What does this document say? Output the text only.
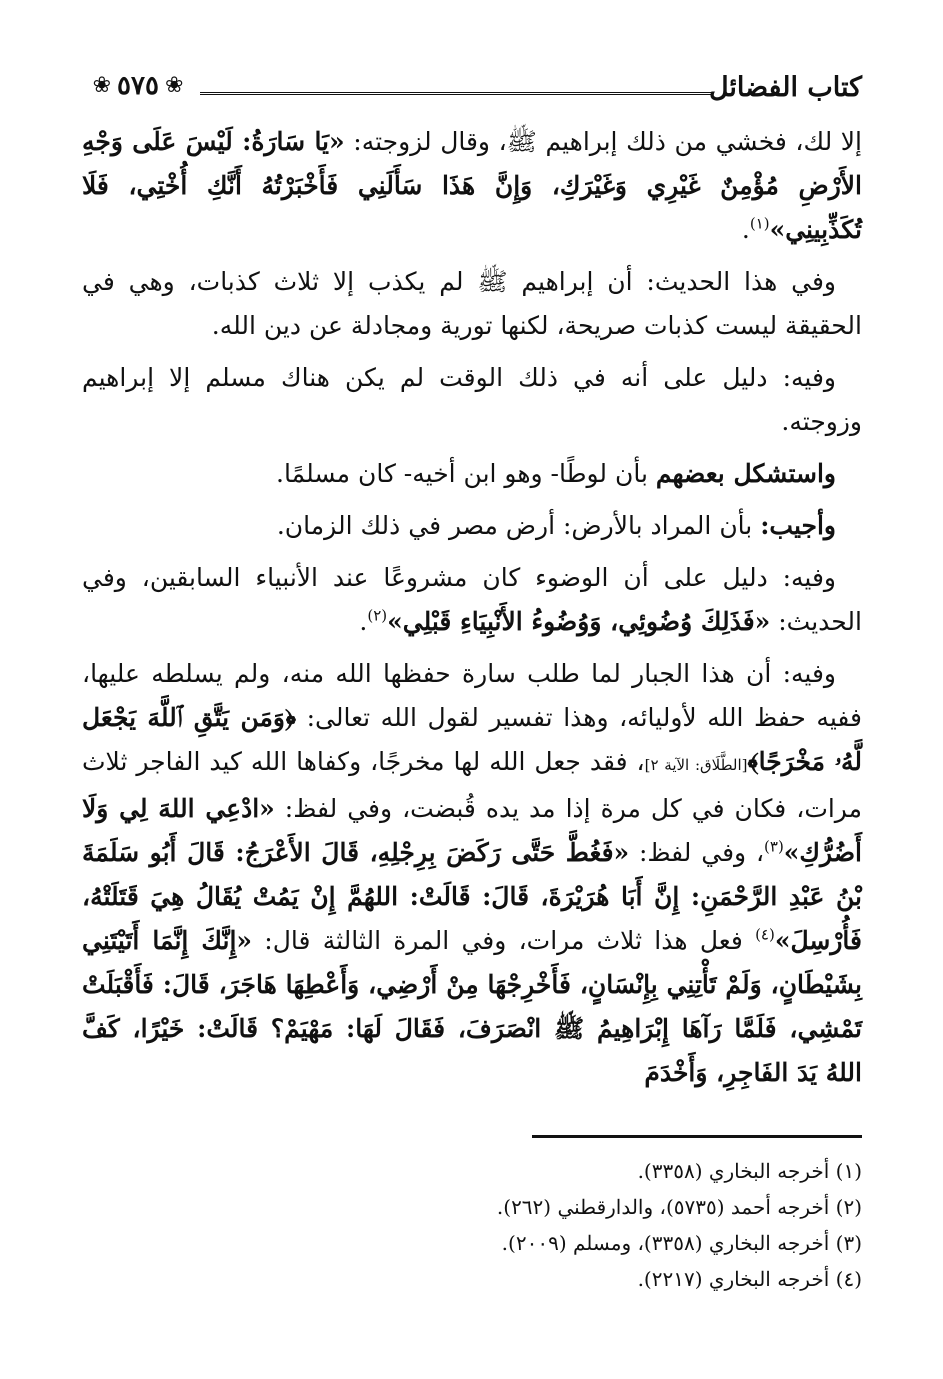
كتاب الفضائل
❀
٥٧٥
❀

إلا لك، فخشي من ذلك إبراهيم ﷺ، وقال لزوجته: «يَا سَارَةُ: لَيْسَ عَلَى وَجْهِ الأَرْضِ مُؤْمِنٌ غَيْرِي وَغَيْرَكِ، وَإِنَّ هَذَا سَأَلَنِي فَأَخْبَرْتُهُ أَنَّكِ أُخْتِي، فَلَا تُكَذِّبِينِي»$^{(١)}$.

وفي هذا الحديث: أن إبراهيم ﷺ لم يكذب إلا ثلاث كذبات، وهي في الحقيقة ليست كذبات صريحة، لكنها تورية ومجادلة عن دين الله.

وفيه: دليل على أنه في ذلك الوقت لم يكن هناك مسلم إلا إبراهيم وزوجته.

واستشكل بعضهم بأن لوطًا- وهو ابن أخيه- كان مسلمًا.

وأجيب: بأن المراد بالأرض: أرض مصر في ذلك الزمان.

وفيه: دليل على أن الوضوء كان مشروعًا عند الأنبياء السابقين، وفي الحديث: «فَذَلِكَ وُضُوئِي، وَوُضُوءُ الأَنْبِيَاءِ قَبْلِي»$^{(٢)}$.

وفيه: أن هذا الجبار لما طلب سارة حفظها الله منه، ولم يسلطه عليها، ففيه حفظ الله لأوليائه، وهذا تفسير لقول الله تعالى: ﴿وَمَن يَتَّقِ ٱللَّهَ يَجْعَل لَّهُۥ مَخْرَجًا﴾[الطَّلَاق: الآية ٢]، فقد جعل الله لها مخرجًا، وكفاها الله كيد الفاجر ثلاث مرات، فكان في كل مرة إذا مد يده قُبضت، وفي لفظ: «ادْعِي اللهَ لِي وَلَا أَضُرُّكِ»$^{(٣)}$، وفي لفظ: «فَغُطَّ حَتَّى رَكَضَ بِرِجْلِهِ، قَالَ الأَعْرَجُ: قَالَ أَبُو سَلَمَةَ بْنُ عَبْدِ الرَّحْمَنِ: إِنَّ أَبَا هُرَيْرَةَ، قَالَ: قَالَتْ: اللهُمَّ إِنْ يَمُتْ يُقَالُ هِيَ قَتَلَتْهُ، فَأُرْسِلَ»$^{(٤)}$ فعل هذا ثلاث مرات، وفي المرة الثالثة قال: «إِنَّكَ إِنَّمَا أَتَيْتَنِي بِشَيْطَانٍ، وَلَمْ تَأْتِنِي بِإِنْسَانٍ، فَأَخْرِجْهَا مِنْ أَرْضِي، وَأَعْطِهَا هَاجَرَ، قَالَ: فَأَقْبَلَتْ تَمْشِي، فَلَمَّا رَآهَا إِبْرَاهِيمُ ﷺ انْصَرَفَ، فَقَالَ لَهَا: مَهْيَمْ؟ قَالَتْ: خَيْرًا، كَفَّ اللهُ يَدَ الفَاجِرِ، وَأَخْدَمَ

(١) أخرجه البخاري (٣٣٥٨).

(٢) أخرجه أحمد (٥٧٣٥)، والدارقطني (٢٦٢).

(٣) أخرجه البخاري (٣٣٥٨)، ومسلم (٢٠٠٩).

(٤) أخرجه البخاري (٢٢١٧).
